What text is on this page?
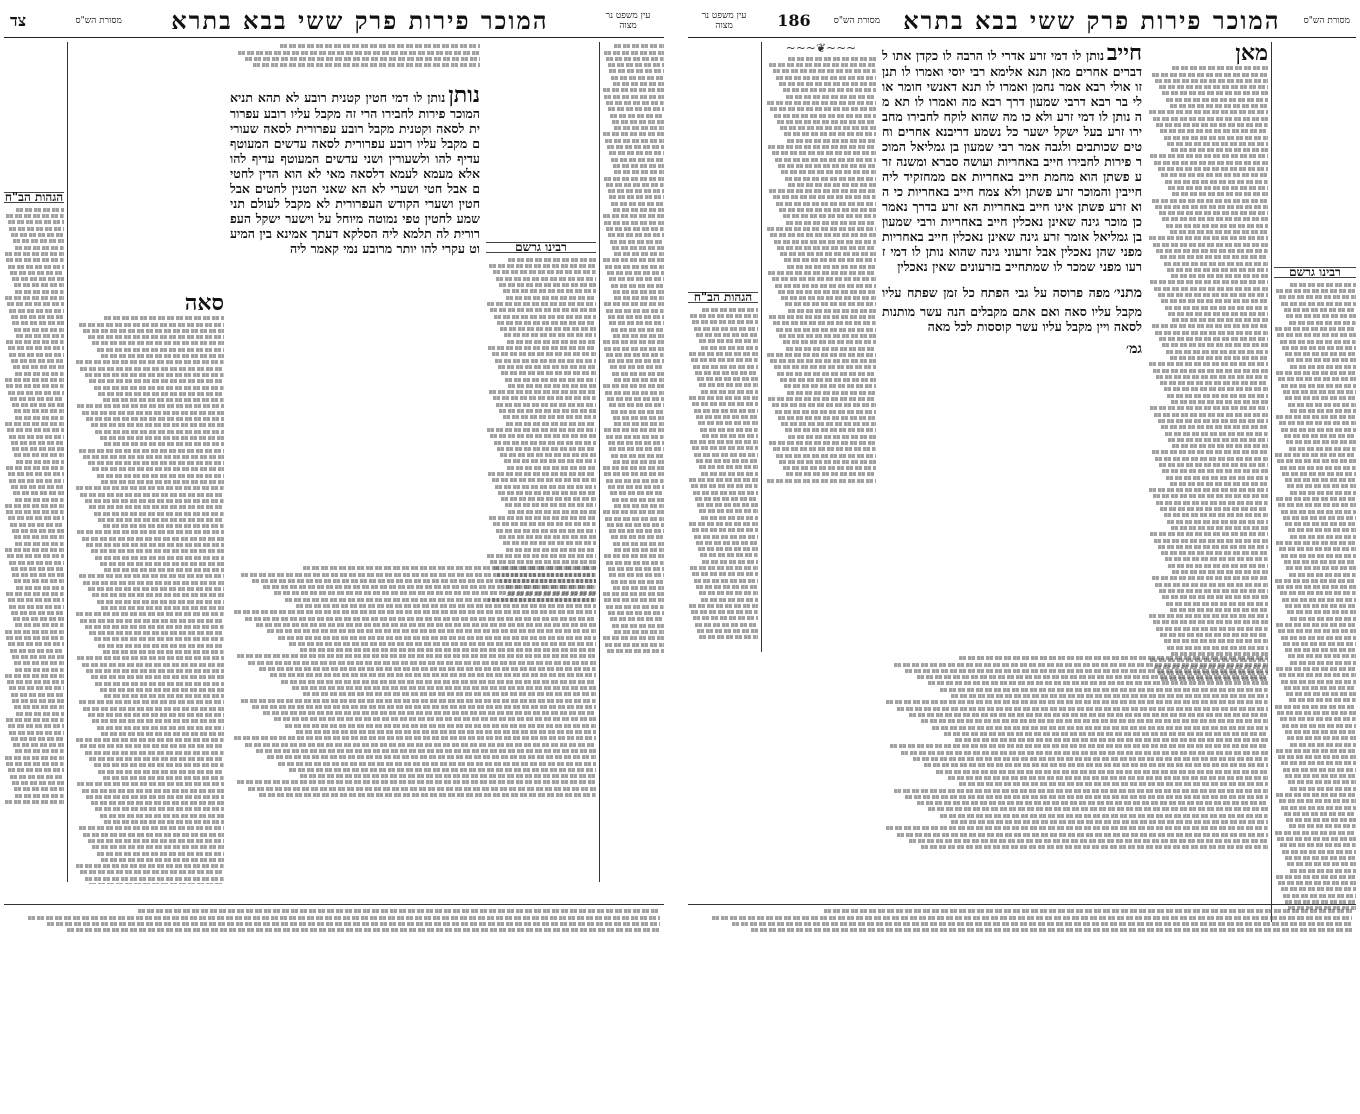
עין משפט נר מצוה
צד	המוכר פירות פרק ששי בבא בתרא
מסורת הש"ס
רבינו גרשם
נותן נותן לו דמי חטין קטנית רובע לא תהא תניא המוכר פירות לחבירו הרי זה מקבל עליו רובע עפרורית לסאה וקטנית מקבל רובע עפרורית לסאה שעורים מקבל עליו רובע עפרורית לסאה עדשים המעוטף עדיף להו ולשעורין ושני עדשים המעוטף עדיף להו אלא מעמא לעמא דלסאה מאי לא הוא הדין לחטים אבל חטי ושערי לא הא שאני הטנין לחטים אבל חטין ושערי הקודש העפרורית לא מקבל לעולם תני שמע לחטין טפי נמוטה מיוחל על וישער ישקל העפרורית לה תלמא ליה הסלקא דעתך אמינא בין המיעוט עקרי להו יותר מרובע נמי קאמר ליה
סאה
הגהות הב"ח
מסורת הש"ס
המוכר פירות פרק ששי בבא בתרא
מסורת הש"ס
186
עין משפט נר מצוה
רבינו גרשם
מאן
חייב נותן לו דמי זרע אדרי לו הרבה לו כקדן אתו לדברים אחרים מאן תנא אלימא רבי יוסי ואמרו לו תנן זו אולי רבא אמר נחמן ואמרו לו תנא דאנשי חומר אולי בר רבא דרבי שמעון דרך רבא מה ואמרו לו תא מה נותן לו דמי זרע ולא כו מה שהוא לוקח לחבירו מחבירו זרע בעל ישקל ישער כל נשמע דריבנא אחרים וחטים שכותבים ולגבה אמר רבי שמעון בן גמליאל המוכר פירות לחבירו חייב באחריות ועושה סברא ומשנה זרע פשתן הוא מחמת חייב באחריות אם ממחזקיד ליה חייבין והמוכר זרע פשתן ולא צמח חייב באחריות כי הוא זרע פשתן אינו חייב באחריות הא זרע בדרך נאמר כן מוכר גינה שאינן נאכלין חייב באחריות ורבי שמעון בן גמליאל אומר זרע גינה שאינן נאכלין חייב באחריות מפני שהן נאכלין אבל זרעוני גינה שהוא נותן לו דמי זרעו מפני שמכר לו שמתחייב בזרעונים שאין נאכלין
מתני׳ מפה פרוסה על גבי הפתח כל זמן שפתח עליו מקבל עליו סאה ואם אתם מקבלים הנה עשר מותנות לסאה ויין מקבל עליו עשר קוססות לכל מאה
גמ׳
~~~❦~~~
הגהות הב"ח
